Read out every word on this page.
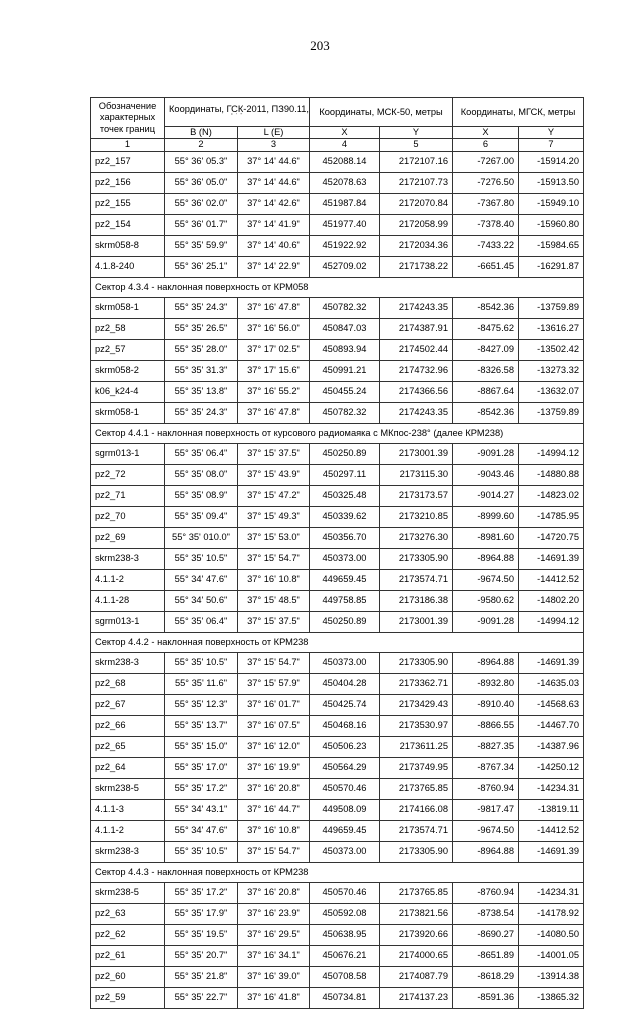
203
Обозначение характерных точек границ	Координаты, ГСК-2011, ПЗ90.11,
° ' "		Координаты, МСК-50, метры		Координаты, МГСК, метры	
	B (N)	L (E)	X	Y	X	Y
1	2	3	4	5	6	7
pz2_157	55° 36' 05.3"	37° 14' 44.6"	452088.14	2172107.16	-7267.00	-15914.20
pz2_156	55° 36' 05.0"	37° 14' 44.6"	452078.63	2172107.73	-7276.50	-15913.50
pz2_155	55° 36' 02.0"	37° 14' 42.6"	451987.84	2172070.84	-7367.80	-15949.10
pz2_154	55° 36' 01.7"	37° 14' 41.9"	451977.40	2172058.99	-7378.40	-15960.80
skrm058-8	55° 35' 59.9"	37° 14' 40.6"	451922.92	2172034.36	-7433.22	-15984.65
4.1.8-240	55° 36' 25.1"	37° 14' 22.9"	452709.02	2171738.22	-6651.45	-16291.87
Сектор 4.3.4 - наклонная поверхность от КРМ058						
skrm058-1	55° 35' 24.3"	37° 16' 47.8"	450782.32	2174243.35	-8542.36	-13759.89
pz2_58	55° 35' 26.5"	37° 16' 56.0"	450847.03	2174387.91	-8475.62	-13616.27
pz2_57	55° 35' 28.0"	37° 17' 02.5"	450893.94	2174502.44	-8427.09	-13502.42
skrm058-2	55° 35' 31.3"	37° 17' 15.6"	450991.21	2174732.96	-8326.58	-13273.32
k06_k24-4	55° 35' 13.8"	37° 16' 55.2"	450455.24	2174366.56	-8867.64	-13632.07
skrm058-1	55° 35' 24.3"	37° 16' 47.8"	450782.32	2174243.35	-8542.36	-13759.89
Сектор 4.4.1 - наклонная поверхность от курсового радиомаяка с МКпос-238° (далее КРМ238)						
sgrm013-1	55° 35' 06.4"	37° 15' 37.5"	450250.89	2173001.39	-9091.28	-14994.12
pz2_72	55° 35' 08.0"	37° 15' 43.9"	450297.11	2173115.30	-9043.46	-14880.88
pz2_71	55° 35' 08.9"	37° 15' 47.2"	450325.48	2173173.57	-9014.27	-14823.02
pz2_70	55° 35' 09.4"	37° 15' 49.3"	450339.62	2173210.85	-8999.60	-14785.95
pz2_69	55° 35' 010.0"	37° 15' 53.0"	450356.70	2173276.30	-8981.60	-14720.75
skrm238-3	55° 35' 10.5"	37° 15' 54.7"	450373.00	2173305.90	-8964.88	-14691.39
4.1.1-2	55° 34' 47.6"	37° 16' 10.8"	449659.45	2173574.71	-9674.50	-14412.52
4.1.1-28	55° 34' 50.6"	37° 15' 48.5"	449758.85	2173186.38	-9580.62	-14802.20
sgrm013-1	55° 35' 06.4"	37° 15' 37.5"	450250.89	2173001.39	-9091.28	-14994.12
Сектор 4.4.2 - наклонная поверхность от КРМ238						
skrm238-3	55° 35' 10.5"	37° 15' 54.7"	450373.00	2173305.90	-8964.88	-14691.39
pz2_68	55° 35' 11.6"	37° 15' 57.9"	450404.28	2173362.71	-8932.80	-14635.03
pz2_67	55° 35' 12.3"	37° 16' 01.7"	450425.74	2173429.43	-8910.40	-14568.63
pz2_66	55° 35' 13.7"	37° 16' 07.5"	450468.16	2173530.97	-8866.55	-14467.70
pz2_65	55° 35' 15.0"	37° 16' 12.0"	450506.23	2173611.25	-8827.35	-14387.96
pz2_64	55° 35' 17.0"	37° 16' 19.9"	450564.29	2173749.95	-8767.34	-14250.12
skrm238-5	55° 35' 17.2"	37° 16' 20.8"	450570.46	2173765.85	-8760.94	-14234.31
4.1.1-3	55° 34' 43.1"	37° 16' 44.7"	449508.09	2174166.08	-9817.47	-13819.11
4.1.1-2	55° 34' 47.6"	37° 16' 10.8"	449659.45	2173574.71	-9674.50	-14412.52
skrm238-3	55° 35' 10.5"	37° 15' 54.7"	450373.00	2173305.90	-8964.88	-14691.39
Сектор 4.4.3 - наклонная поверхность от КРМ238						
skrm238-5	55° 35' 17.2"	37° 16' 20.8"	450570.46	2173765.85	-8760.94	-14234.31
pz2_63	55° 35' 17.9"	37° 16' 23.9"	450592.08	2173821.56	-8738.54	-14178.92
pz2_62	55° 35' 19.5"	37° 16' 29.5"	450638.95	2173920.66	-8690.27	-14080.50
pz2_61	55° 35' 20.7"	37° 16' 34.1"	450676.21	2174000.65	-8651.89	-14001.05
pz2_60	55° 35' 21.8"	37° 16' 39.0"	450708.58	2174087.79	-8618.29	-13914.38
pz2_59	55° 35' 22.7"	37° 16' 41.8"	450734.81	2174137.23	-8591.36	-13865.32
